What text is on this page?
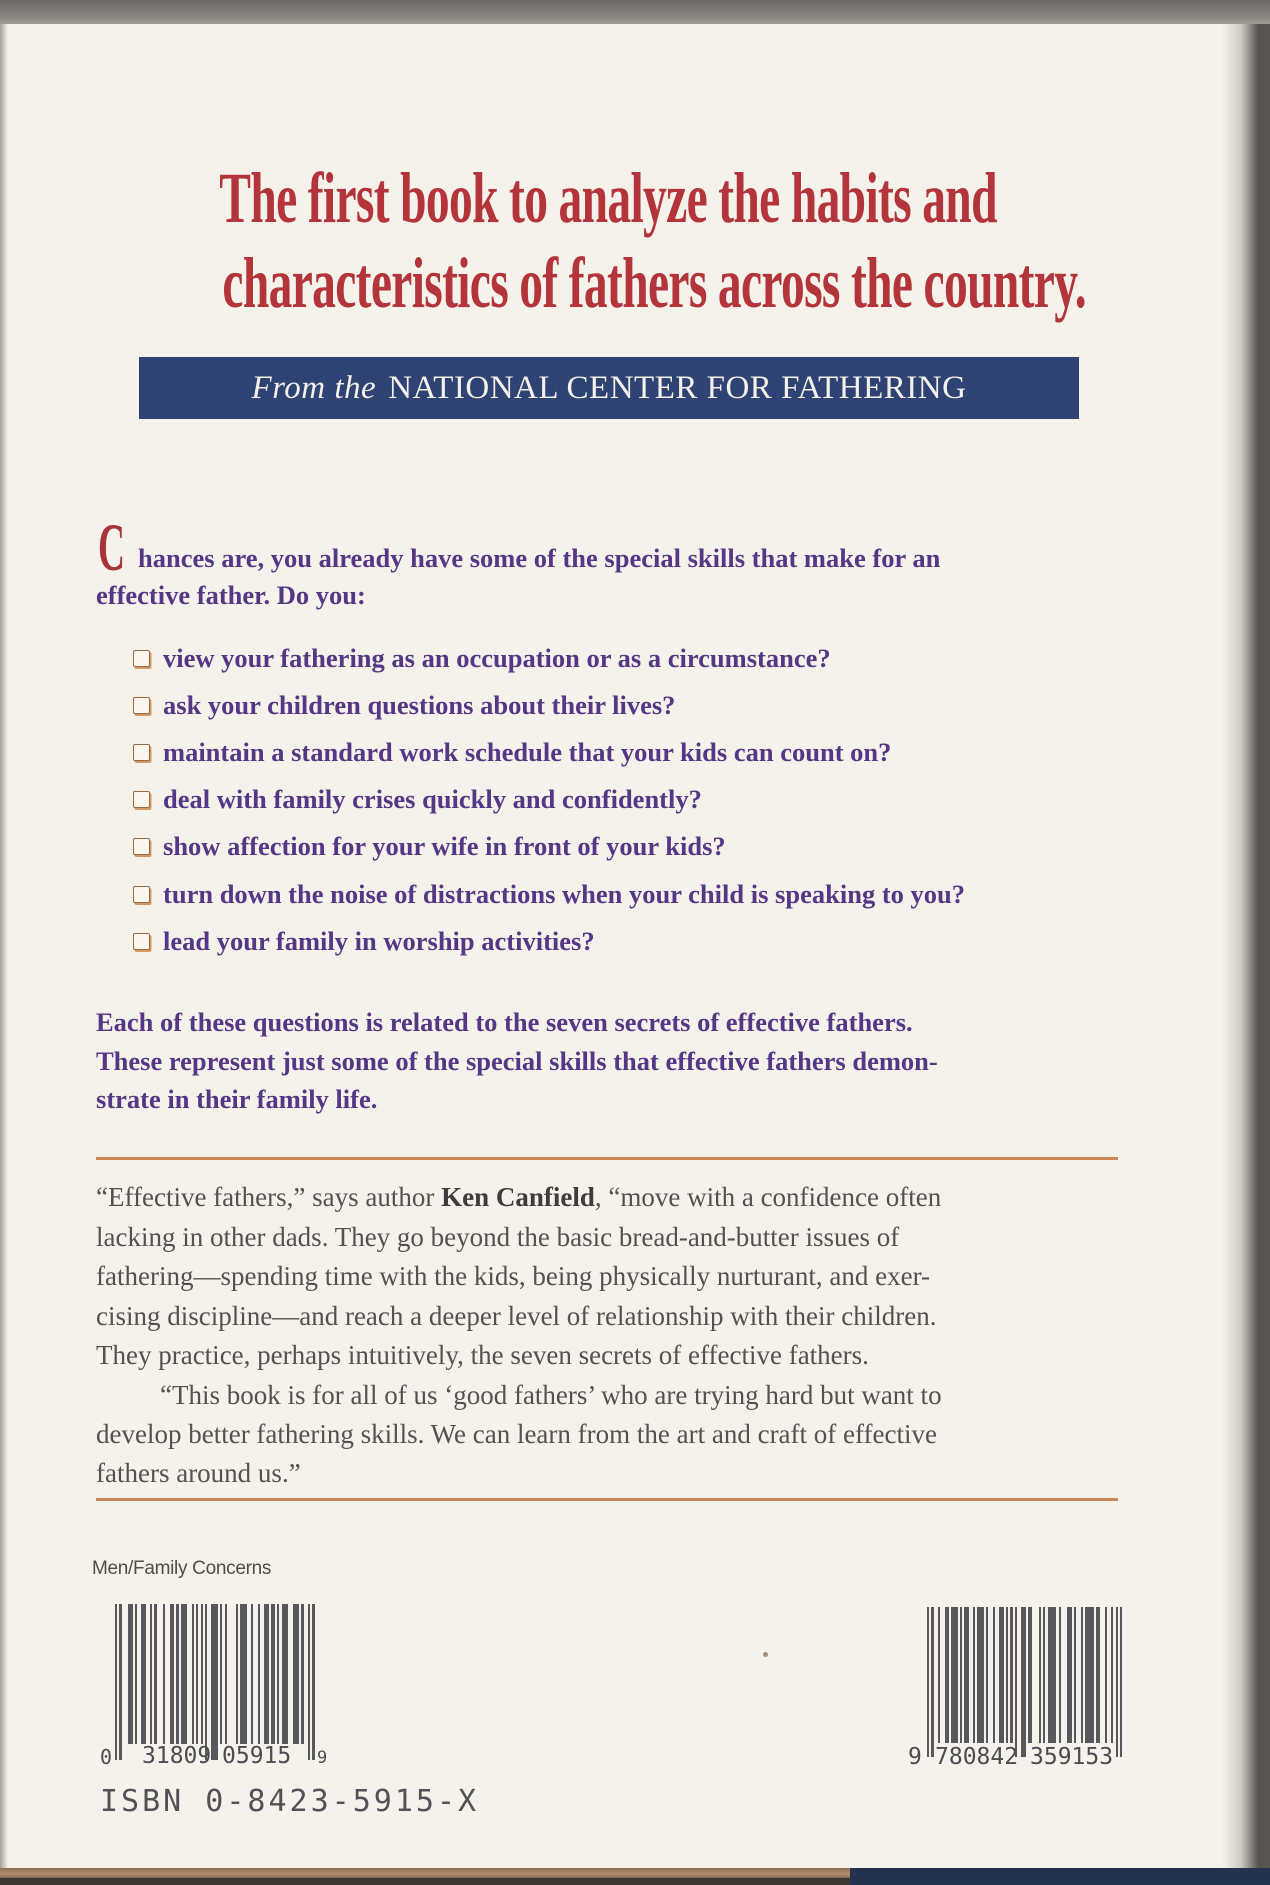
The first book to analyze the habits and
characteristics of fathers across the country.
From the NATIONAL CENTER FOR FATHERING
C hances are, you already have some of the special skills that make for an
effective father. Do you:
view your fathering as an occupation or as a circumstance?
ask your children questions about their lives?
maintain a standard work schedule that your kids can count on?
deal with family crises quickly and confidently?
show affection for your wife in front of your kids?
turn down the noise of distractions when your child is speaking to you?
lead your family in worship activities?
Each of these questions is related to the seven secrets of effective fathers.
These represent just some of the special skills that effective fathers demon-
strate in their family life.
“Effective fathers,” says author Ken Canfield, “move with a confidence often
lacking in other dads. They go beyond the basic bread-and-butter issues of
fathering—spending time with the kids, being physically nurturant, and exer-
cising discipline—and reach a deeper level of relationship with their children.
They practice, perhaps intuitively, the seven secrets of effective fathers.
“This book is for all of us ‘good fathers’ who are trying hard but want to
develop better fathering skills. We can learn from the art and craft of effective
fathers around us.”
Men/Family Concerns
0 31809 05915 9	9 780842 359153
ISBN 0-8423-5915-X
